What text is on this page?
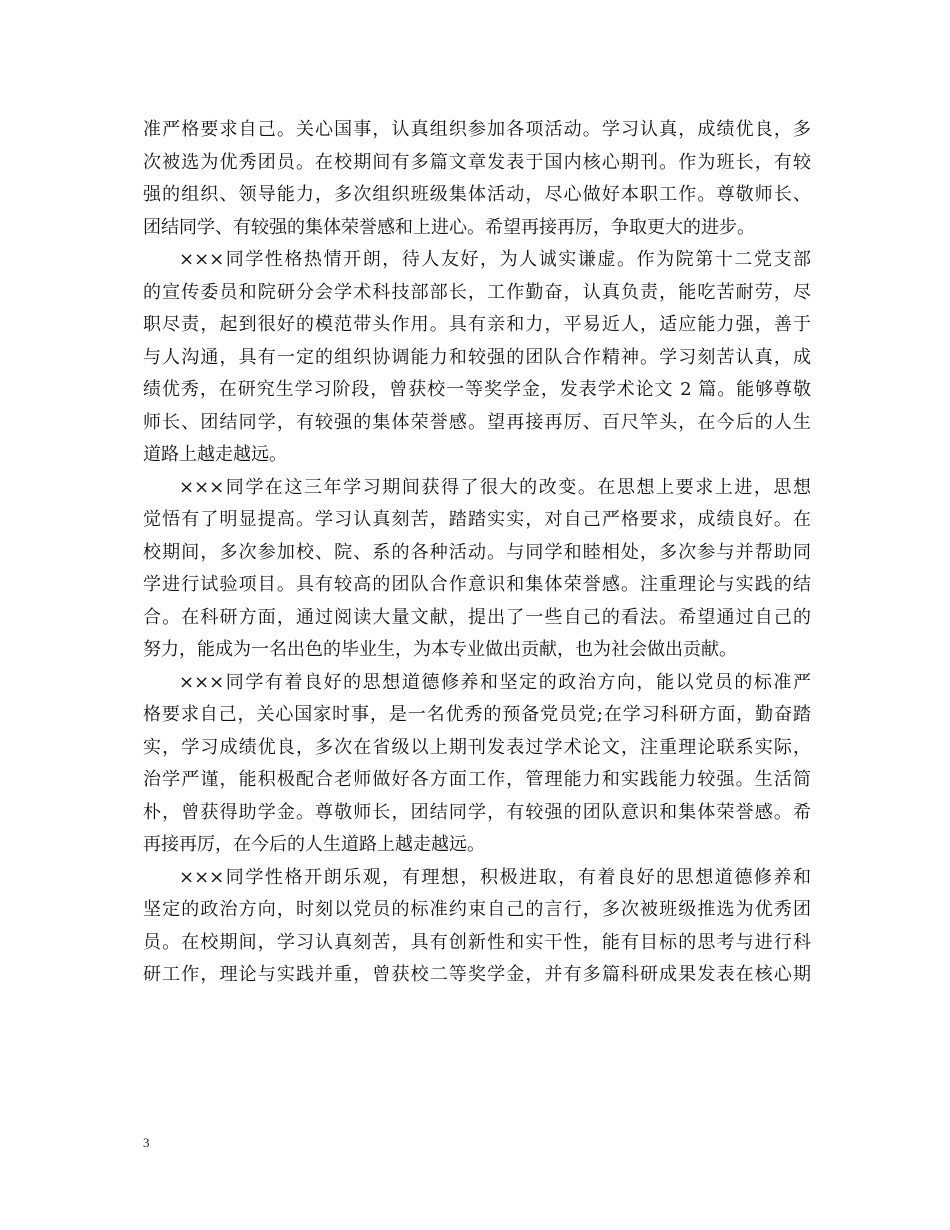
准严格要求自己。关心国事，认真组织参加各项活动。学习认真，成绩优良，多
次被选为优秀团员。在校期间有多篇文章发表于国内核心期刊。作为班长，有较
强的组织、领导能力，多次组织班级集体活动，尽心做好本职工作。尊敬师长、
团结同学、有较强的集体荣誉感和上进心。希望再接再厉，争取更大的进步。
×××同学性格热情开朗，待人友好，为人诚实谦虚。作为院第十二党支部
的宣传委员和院研分会学术科技部部长，工作勤奋，认真负责，能吃苦耐劳，尽
职尽责，起到很好的模范带头作用。具有亲和力，平易近人，适应能力强，善于
与人沟通，具有一定的组织协调能力和较强的团队合作精神。学习刻苦认真，成
绩优秀，在研究生学习阶段，曾获校一等奖学金，发表学术论文 2 篇。能够尊敬
师长、团结同学，有较强的集体荣誉感。望再接再厉、百尺竿头，在今后的人生
道路上越走越远。
×××同学在这三年学习期间获得了很大的改变。在思想上要求上进，思想
觉悟有了明显提高。学习认真刻苦，踏踏实实，对自己严格要求，成绩良好。在
校期间，多次参加校、院、系的各种活动。与同学和睦相处，多次参与并帮助同
学进行试验项目。具有较高的团队合作意识和集体荣誉感。注重理论与实践的结
合。在科研方面，通过阅读大量文献，提出了一些自己的看法。希望通过自己的
努力，能成为一名出色的毕业生，为本专业做出贡献，也为社会做出贡献。
×××同学有着良好的思想道德修养和坚定的政治方向，能以党员的标准严
格要求自己，关心国家时事，是一名优秀的预备党员党;在学习科研方面，勤奋踏
实，学习成绩优良，多次在省级以上期刊发表过学术论文，注重理论联系实际，
治学严谨，能积极配合老师做好各方面工作，管理能力和实践能力较强。生活简
朴，曾获得助学金。尊敬师长，团结同学，有较强的团队意识和集体荣誉感。希
再接再厉，在今后的人生道路上越走越远。
×××同学性格开朗乐观，有理想，积极进取，有着良好的思想道德修养和
坚定的政治方向，时刻以党员的标准约束自己的言行，多次被班级推选为优秀团
员。在校期间，学习认真刻苦，具有创新性和实干性，能有目标的思考与进行科
研工作，理论与实践并重，曾获校二等奖学金，并有多篇科研成果发表在核心期
3
